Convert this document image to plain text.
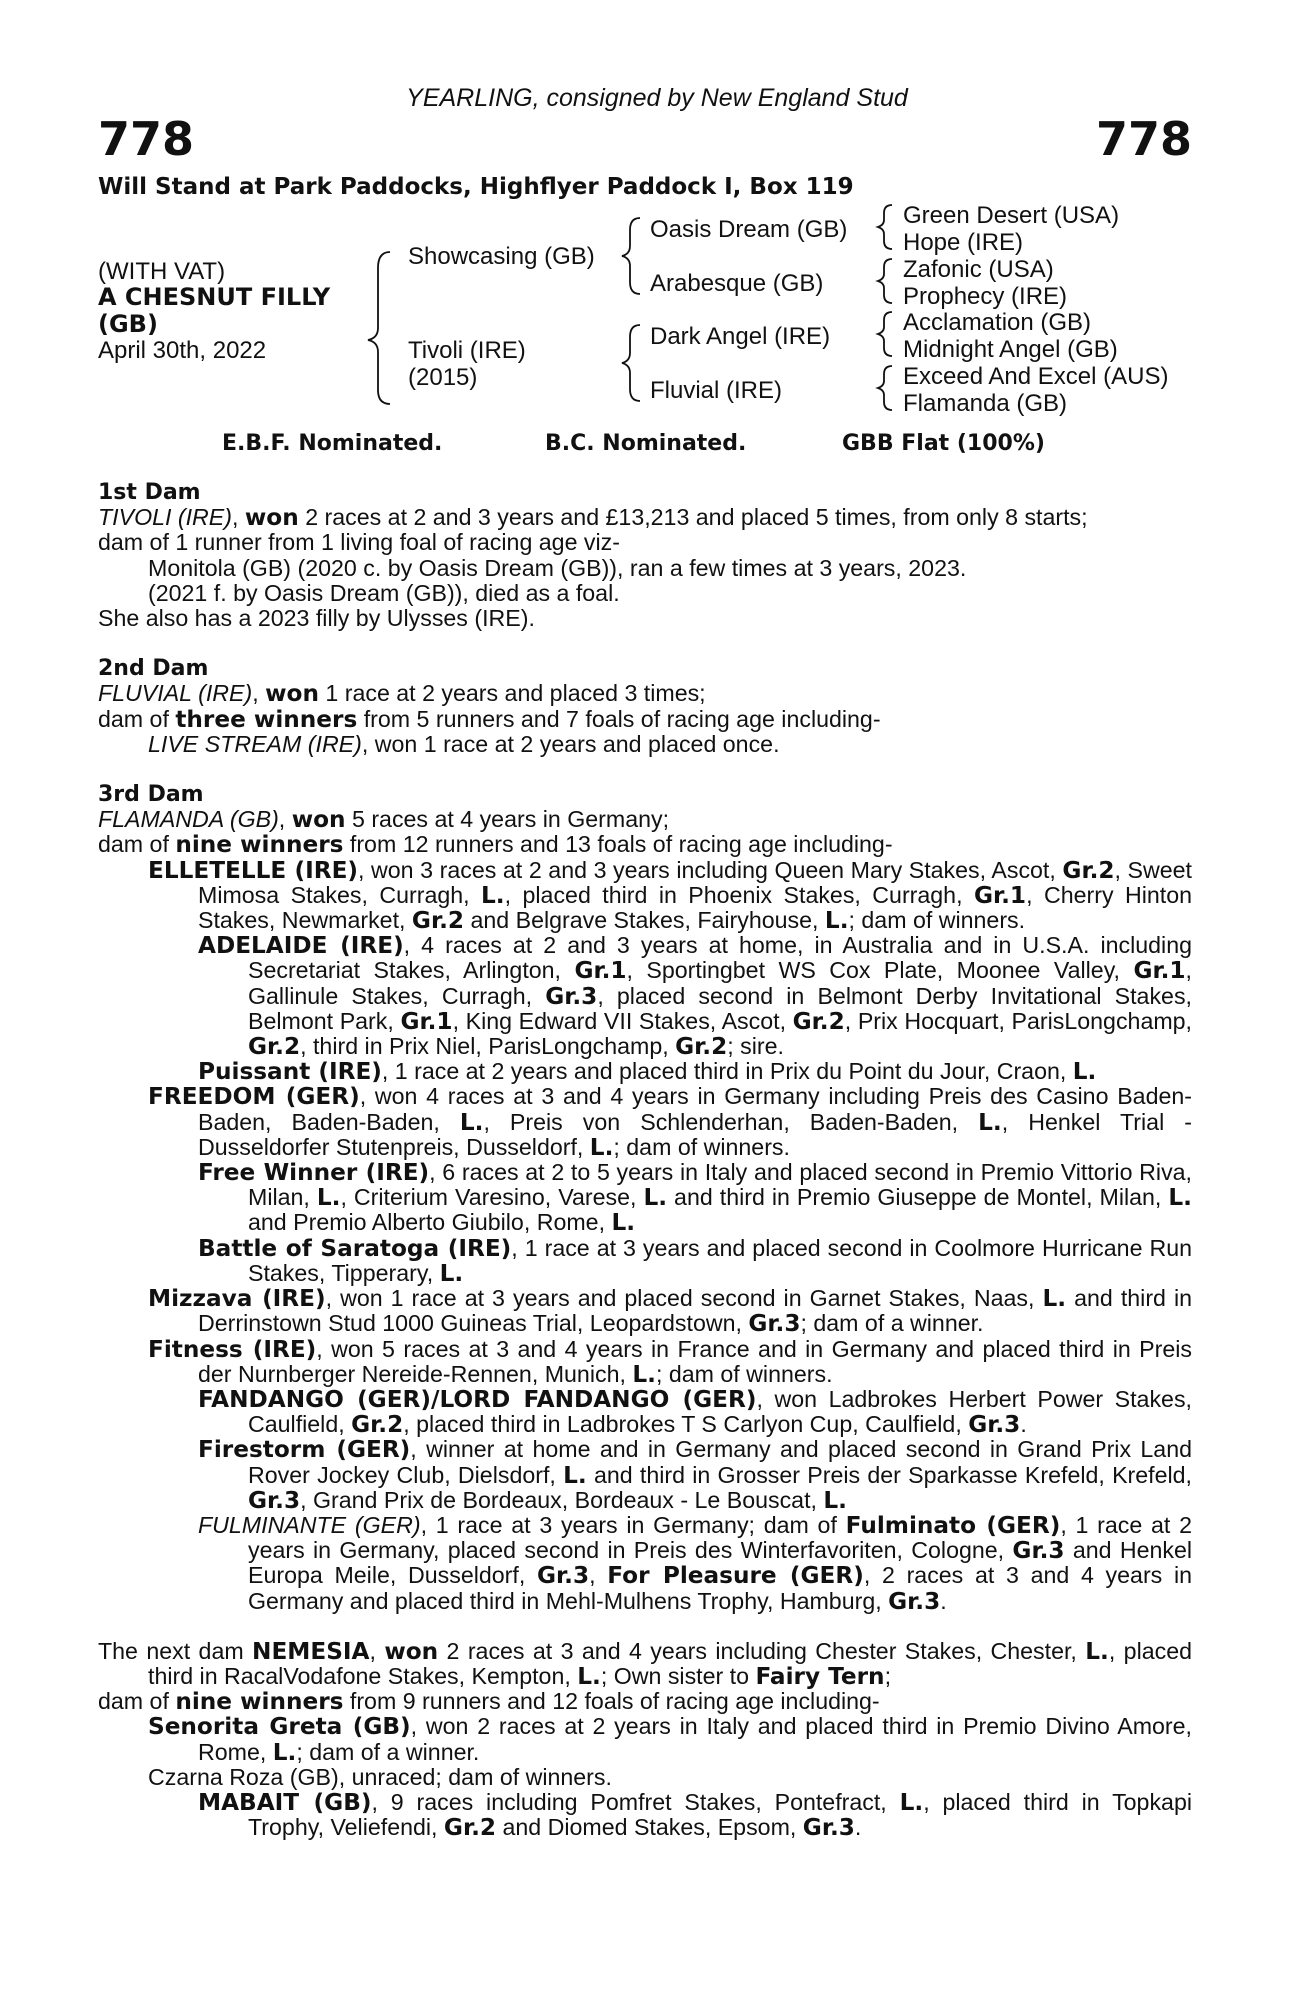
YEARLING, consigned by New England Stud
778	778
Will Stand at Park Paddocks, Highflyer Paddock I, Box 119
(WITH VAT)
A CHESNUT FILLY
(GB)
April 30th, 2022
Showcasing (GB)
Tivoli (IRE)
(2015)
Oasis Dream (GB)
Arabesque (GB)
Dark Angel (IRE)
Fluvial (IRE)
Green Desert (USA)
Hope (IRE)
Zafonic (USA)
Prophecy (IRE)
Acclamation (GB)
Midnight Angel (GB)
Exceed And Excel (AUS)
Flamanda (GB)
E.B.F. Nominated.	B.C. Nominated.	GBB Flat (100%)
1st Dam
TIVOLI (IRE), won 2 races at 2 and 3 years and £13,213 and placed 5 times, from only 8 starts;
dam of 1 runner from 1 living foal of racing age viz-
Monitola (GB) (2020 c. by Oasis Dream (GB)), ran a few times at 3 years, 2023.
(2021 f. by Oasis Dream (GB)), died as a foal.
She also has a 2023 filly by Ulysses (IRE).
2nd Dam
FLUVIAL (IRE), won 1 race at 2 years and placed 3 times;
dam of three winners from 5 runners and 7 foals of racing age including-
LIVE STREAM (IRE), won 1 race at 2 years and placed once.
3rd Dam
FLAMANDA (GB), won 5 races at 4 years in Germany;
dam of nine winners from 12 runners and 13 foals of racing age including-
ELLETELLE (IRE), won 3 races at 2 and 3 years including Queen Mary Stakes, Ascot, Gr.2, Sweet Mimosa Stakes, Curragh, L., placed third in Phoenix Stakes, Curragh, Gr.1, Cherry Hinton Stakes, Newmarket, Gr.2 and Belgrave Stakes, Fairyhouse, L.; dam of winners.
ADELAIDE (IRE), 4 races at 2 and 3 years at home, in Australia and in U.S.A. including Secretariat Stakes, Arlington, Gr.1, Sportingbet WS Cox Plate, Moonee Valley, Gr.1, Gallinule Stakes, Curragh, Gr.3, placed second in Belmont Derby Invitational Stakes, Belmont Park, Gr.1, King Edward VII Stakes, Ascot, Gr.2, Prix Hocquart, ParisLongchamp, Gr.2, third in Prix Niel, ParisLongchamp, Gr.2; sire.
Puissant (IRE), 1 race at 2 years and placed third in Prix du Point du Jour, Craon, L.
FREEDOM (GER), won 4 races at 3 and 4 years in Germany including Preis des Casino Baden-Baden, Baden-Baden, L., Preis von Schlenderhan, Baden-Baden, L., Henkel Trial - Dusseldorfer Stutenpreis, Dusseldorf, L.; dam of winners.
Free Winner (IRE), 6 races at 2 to 5 years in Italy and placed second in Premio Vittorio Riva, Milan, L., Criterium Varesino, Varese, L. and third in Premio Giuseppe de Montel, Milan, L. and Premio Alberto Giubilo, Rome, L.
Battle of Saratoga (IRE), 1 race at 3 years and placed second in Coolmore Hurricane Run Stakes, Tipperary, L.
Mizzava (IRE), won 1 race at 3 years and placed second in Garnet Stakes, Naas, L. and third in Derrinstown Stud 1000 Guineas Trial, Leopardstown, Gr.3; dam of a winner.
Fitness (IRE), won 5 races at 3 and 4 years in France and in Germany and placed third in Preis der Nurnberger Nereide-Rennen, Munich, L.; dam of winners.
FANDANGO (GER)/LORD FANDANGO (GER), won Ladbrokes Herbert Power Stakes, Caulfield, Gr.2, placed third in Ladbrokes T S Carlyon Cup, Caulfield, Gr.3.
Firestorm (GER), winner at home and in Germany and placed second in Grand Prix Land Rover Jockey Club, Dielsdorf, L. and third in Grosser Preis der Sparkasse Krefeld, Krefeld, Gr.3, Grand Prix de Bordeaux, Bordeaux - Le Bouscat, L.
FULMINANTE (GER), 1 race at 3 years in Germany; dam of Fulminato (GER), 1 race at 2 years in Germany, placed second in Preis des Winterfavoriten, Cologne, Gr.3 and Henkel Europa Meile, Dusseldorf, Gr.3, For Pleasure (GER), 2 races at 3 and 4 years in Germany and placed third in Mehl-Mulhens Trophy, Hamburg, Gr.3.
The next dam NEMESIA, won 2 races at 3 and 4 years including Chester Stakes, Chester, L., placed third in RacalVodafone Stakes, Kempton, L.; Own sister to Fairy Tern;
dam of nine winners from 9 runners and 12 foals of racing age including-
Senorita Greta (GB), won 2 races at 2 years in Italy and placed third in Premio Divino Amore, Rome, L.; dam of a winner.
Czarna Roza (GB), unraced; dam of winners.
MABAIT (GB), 9 races including Pomfret Stakes, Pontefract, L., placed third in Topkapi Trophy, Veliefendi, Gr.2 and Diomed Stakes, Epsom, Gr.3.
